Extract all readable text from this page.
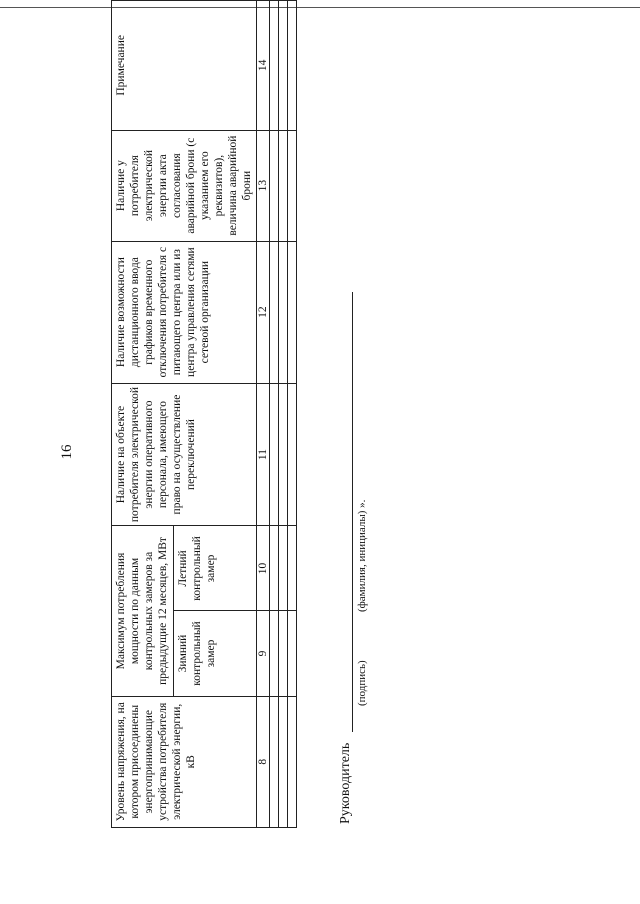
16
Уровень напряжения, на котором присоединены энергопринимающие устройства потребителя электрической энергии, кВ	Максимум потребления мощности по данным контрольных замеров за предыдущие 12 месяцев, МВт		Наличие на объекте потребителя электрической энергии оперативного персонала, имеющего право на осуществление переключений	Наличие возможности дистанционного ввода графиков временного отключения потребителя с питающего центра или из центра управления сетями сетевой организации	Наличие у потребителя электрической энергии акта согласования аварийной брони (с указанием его реквизитов), величина аварийной брони	Примечание
	Зимний контрольный замер	Летний контрольный замер				
8	9	10	11	12	13	14

Руководитель
(подпись)
(фамилия, инициалы) ».
